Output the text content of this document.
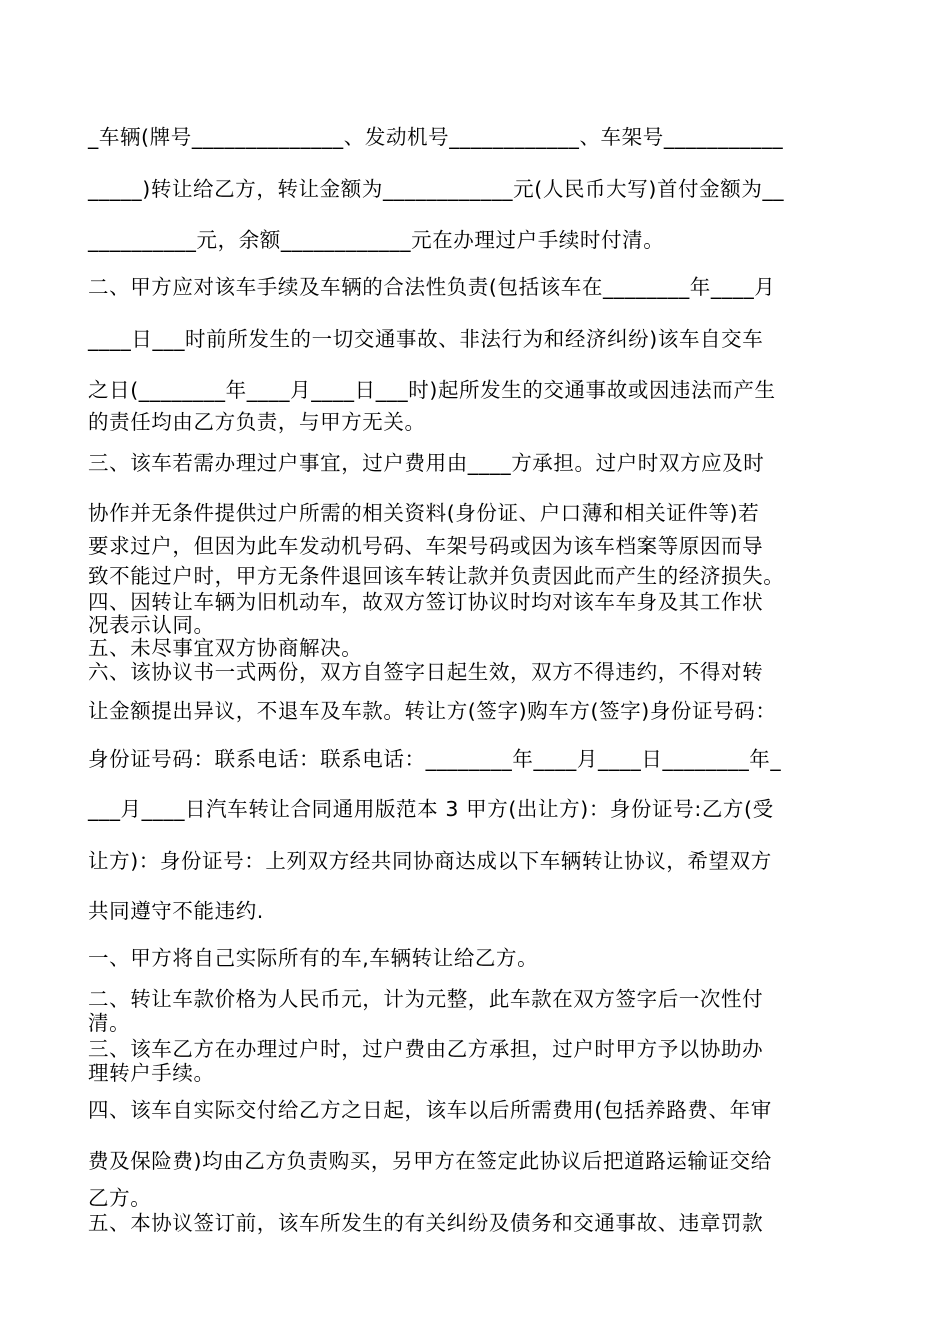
_车辆(牌号______________、发动机号____________、车架号___________
_____)转让给乙方，转让金额为____________元(人民币大写)首付金额为__
__________元，余额____________元在办理过户手续时付清。
二、甲方应对该车手续及车辆的合法性负责(包括该车在________年____月
____日___时前所发生的一切交通事故、非法行为和经济纠纷)该车自交车
之日(________年____月____日___时)起所发生的交通事故或因违法而产生
的责任均由乙方负责，与甲方无关。
三、该车若需办理过户事宜，过户费用由____方承担。过户时双方应及时
协作并无条件提供过户所需的相关资料(身份证、户口薄和相关证件等)若
要求过户，但因为此车发动机号码、车架号码或因为该车档案等原因而导
致不能过户时，甲方无条件退回该车转让款并负责因此而产生的经济损失。
四、因转让车辆为旧机动车，故双方签订协议时均对该车车身及其工作状
况表示认同。
五、未尽事宜双方协商解决。
六、该协议书一式两份，双方自签字日起生效，双方不得违约，不得对转
让金额提出异议，不退车及车款。转让方(签字)购车方(签字)身份证号码：
身份证号码：联系电话：联系电话：________年____月____日________年_
___月____日汽车转让合同通用版范本 3 甲方(出让方)：身份证号:乙方(受
让方)：身份证号：上列双方经共同协商达成以下车辆转让协议，希望双方
共同遵守不能违约.
一、甲方将自己实际所有的车,车辆转让给乙方。
二、转让车款价格为人民币元，计为元整，此车款在双方签字后一次性付
清。
三、该车乙方在办理过户时，过户费由乙方承担，过户时甲方予以协助办
理转户手续。
四、该车自实际交付给乙方之日起，该车以后所需费用(包括养路费、年审
费及保险费)均由乙方负责购买，另甲方在签定此协议后把道路运输证交给
乙方。
五、本协议签订前，该车所发生的有关纠纷及债务和交通事故、违章罚款
